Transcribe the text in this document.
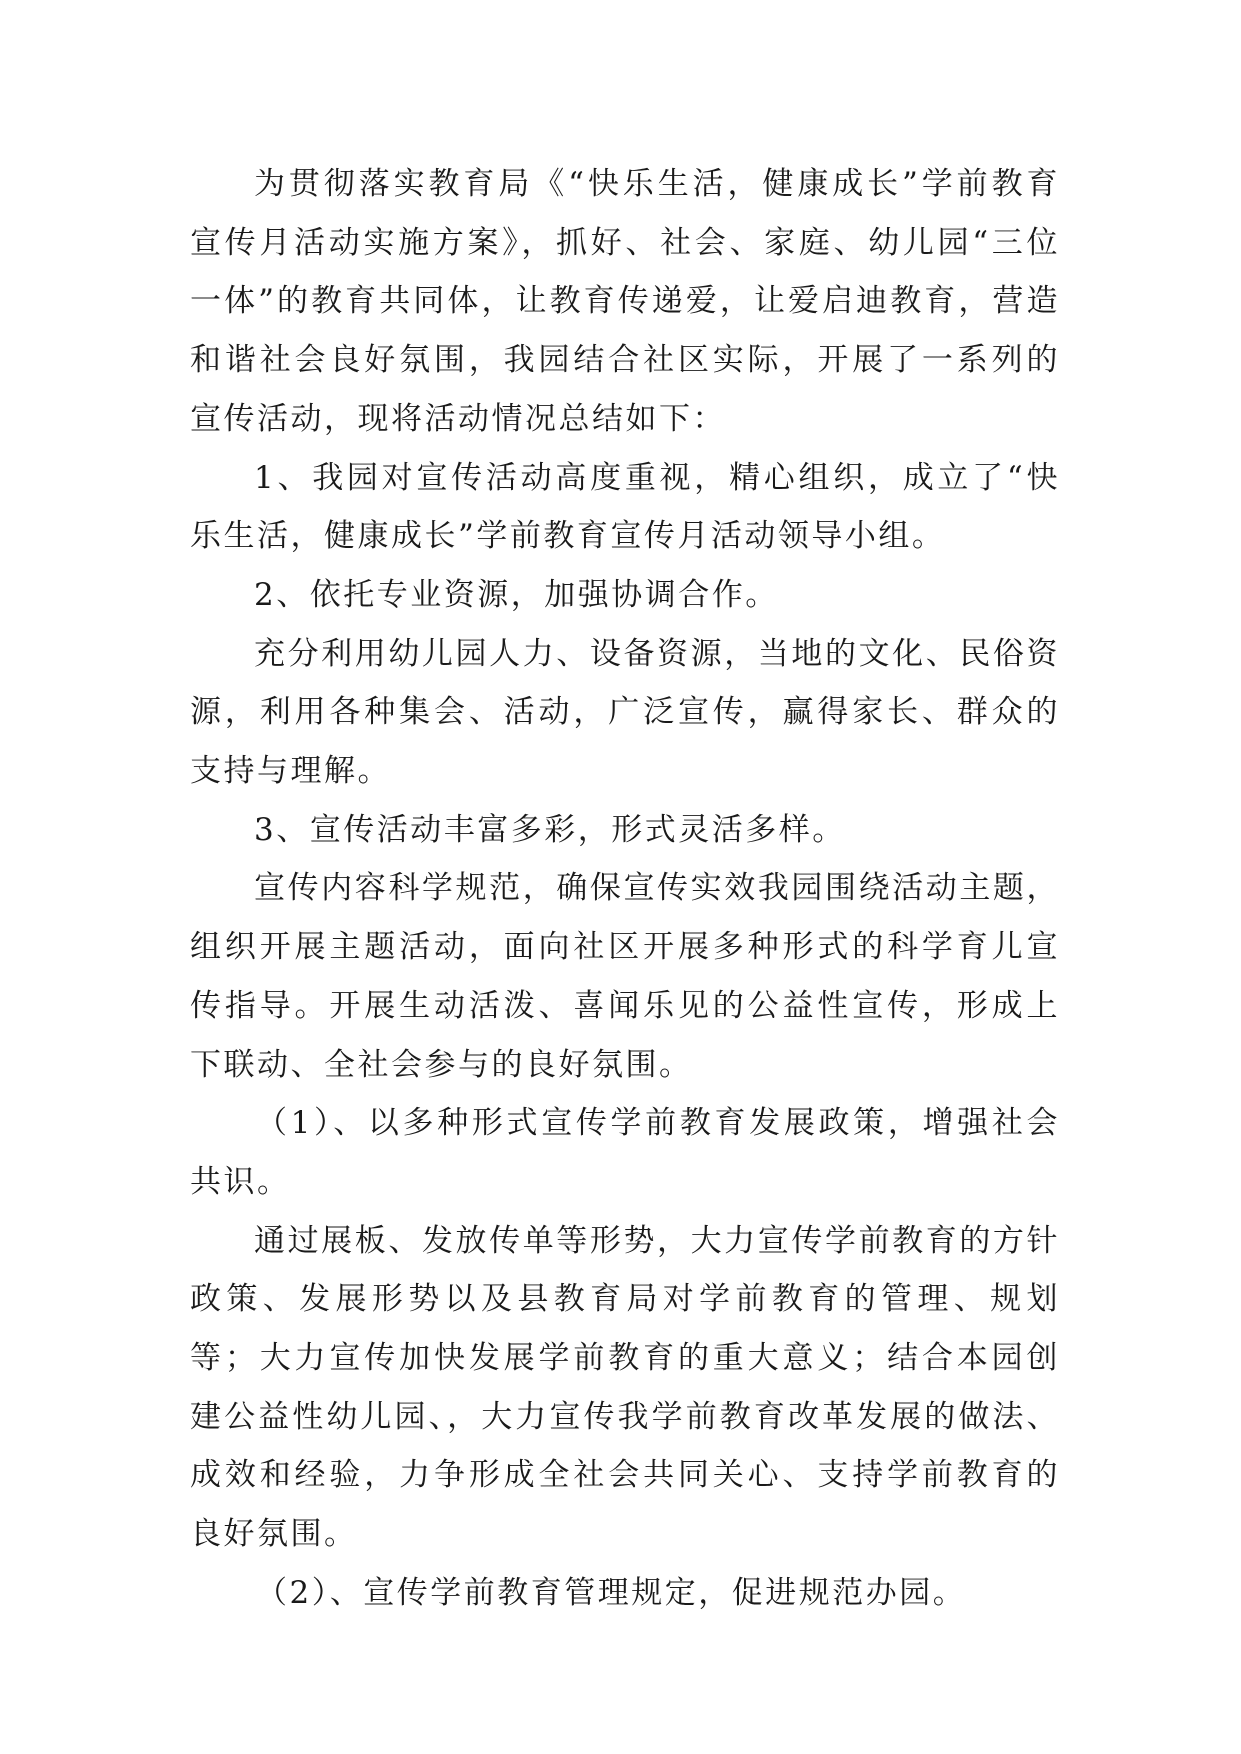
为贯彻落实教育局《“快乐生活，健康成长”学前教育宣传月活动实施方案》，抓好、社会、家庭、幼儿园“三位一体”的教育共同体，让教育传递爱，让爱启迪教育，营造和谐社会良好氛围，我园结合社区实际，开展了一系列的宣传活动，现将活动情况总结如下：

1、我园对宣传活动高度重视，精心组织，成立了“快乐生活，健康成长”学前教育宣传月活动领导小组。

2、依托专业资源，加强协调合作。

充分利用幼儿园人力、设备资源，当地的文化、民俗资源，利用各种集会、活动，广泛宣传，赢得家长、群众的支持与理解。

3、宣传活动丰富多彩，形式灵活多样。

宣传内容科学规范，确保宣传实效我园围绕活动主题，组织开展主题活动，面向社区开展多种形式的科学育儿宣传指导。开展生动活泼、喜闻乐见的公益性宣传，形成上下联动、全社会参与的良好氛围。

（1）、以多种形式宣传学前教育发展政策，增强社会共识。

通过展板、发放传单等形势，大力宣传学前教育的方针政策、发展形势以及县教育局对学前教育的管理、规划等；大力宣传加快发展学前教育的重大意义；结合本园创建公益性幼儿园、，大力宣传我学前教育改革发展的做法、成效和经验，力争形成全社会共同关心、支持学前教育的良好氛围。

（2）、宣传学前教育管理规定，促进规范办园。
